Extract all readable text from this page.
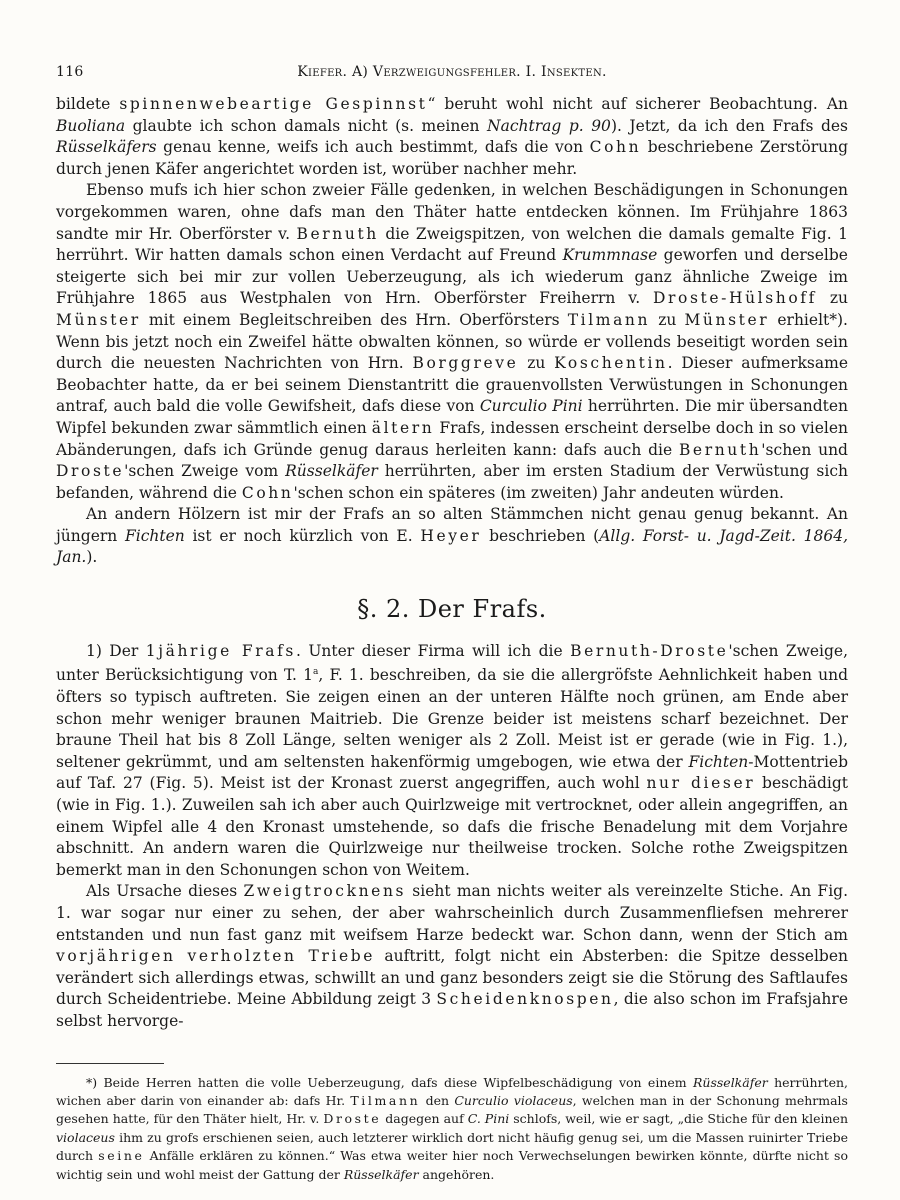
116	Kiefer. A) Verzweigungsfehler. I. Insekten.

bildete spinnenwebeartige Gespinnst“ beruht wohl nicht auf sicherer Beobachtung. An Buoliana glaubte ich schon damals nicht (s. meinen Nachtrag p. 90). Jetzt, da ich den Frafs des Rüsselkäfers genau kenne, weifs ich auch bestimmt, dafs die von Cohn beschriebene Zerstörung durch jenen Käfer angerichtet worden ist, worüber nachher mehr.

Ebenso mufs ich hier schon zweier Fälle gedenken, in welchen Beschädigungen in Schonungen vorgekommen waren, ohne dafs man den Thäter hatte entdecken können. Im Frühjahre 1863 sandte mir Hr. Oberförster v. Bernuth die Zweigspitzen, von welchen die damals gemalte Fig. 1 herrührt. Wir hatten damals schon einen Verdacht auf Freund Krummnase geworfen und derselbe steigerte sich bei mir zur vollen Ueberzeugung, als ich wiederum ganz ähnliche Zweige im Frühjahre 1865 aus Westphalen von Hrn. Oberförster Freiherrn v. Droste-Hülshoff zu Münster mit einem Begleitschreiben des Hrn. Oberförsters Tilmann zu Münster erhielt*). Wenn bis jetzt noch ein Zweifel hätte obwalten können, so würde er vollends beseitigt worden sein durch die neuesten Nachrichten von Hrn. Borggreve zu Koschentin. Dieser aufmerksame Beobachter hatte, da er bei seinem Dienstantritt die grauenvollsten Verwüstungen in Schonungen antraf, auch bald die volle Gewifsheit, dafs diese von Curculio Pini herrührten. Die mir übersandten Wipfel bekunden zwar sämmtlich einen ältern Frafs, indessen erscheint derselbe doch in so vielen Abänderungen, dafs ich Gründe genug daraus herleiten kann: dafs auch die Bernuth'schen und Droste'schen Zweige vom Rüsselkäfer herrührten, aber im ersten Stadium der Verwüstung sich befanden, während die Cohn'schen schon ein späteres (im zweiten) Jahr andeuten würden.

An andern Hölzern ist mir der Frafs an so alten Stämmchen nicht genau genug bekannt. An jüngern Fichten ist er noch kürzlich von E. Heyer beschrieben (Allg. Forst- u. Jagd-Zeit. 1864, Jan.).

§. 2. Der Frafs.

1) Der 1jährige Frafs. Unter dieser Firma will ich die Bernuth-Droste'schen Zweige, unter Berücksichtigung von T. 1$^a$, F. 1. beschreiben, da sie die allergröfste Aehnlichkeit haben und öfters so typisch auftreten. Sie zeigen einen an der unteren Hälfte noch grünen, am Ende aber schon mehr weniger braunen Maitrieb. Die Grenze beider ist meistens scharf bezeichnet. Der braune Theil hat bis 8 Zoll Länge, selten weniger als 2 Zoll. Meist ist er gerade (wie in Fig. 1.), seltener gekrümmt, und am seltensten hakenförmig umgebogen, wie etwa der Fichten-Mottentrieb auf Taf. 27 (Fig. 5). Meist ist der Kronast zuerst angegriffen, auch wohl nur dieser beschädigt (wie in Fig. 1.). Zuweilen sah ich aber auch Quirlzweige mit vertrocknet, oder allein angegriffen, an einem Wipfel alle 4 den Kronast umstehende, so dafs die frische Benadelung mit dem Vorjahre abschnitt. An andern waren die Quirlzweige nur theilweise trocken. Solche rothe Zweigspitzen bemerkt man in den Schonungen schon von Weitem.

Als Ursache dieses Zweigtrocknens sieht man nichts weiter als vereinzelte Stiche. An Fig. 1. war sogar nur einer zu sehen, der aber wahrscheinlich durch Zusammenfliefsen mehrerer entstanden und nun fast ganz mit weifsem Harze bedeckt war. Schon dann, wenn der Stich am vorjährigen verholzten Triebe auftritt, folgt nicht ein Absterben: die Spitze desselben verändert sich allerdings etwas, schwillt an und ganz besonders zeigt sie die Störung des Saftlaufes durch Scheidentriebe. Meine Abbildung zeigt 3 Scheidenknospen, die also schon im Frafsjahre selbst hervorge-

*) Beide Herren hatten die volle Ueberzeugung, dafs diese Wipfelbeschädigung von einem Rüsselkäfer herrührten, wichen aber darin von einander ab: dafs Hr. Tilmann den Curculio violaceus, welchen man in der Schonung mehrmals gesehen hatte, für den Thäter hielt, Hr. v. Droste dagegen auf C. Pini schlofs, weil, wie er sagt, „die Stiche für den kleinen violaceus ihm zu grofs erschienen seien, auch letzterer wirklich dort nicht häufig genug sei, um die Massen ruinirter Triebe durch seine Anfälle erklären zu können.“ Was etwa weiter hier noch Verwechselungen bewirken könnte, dürfte nicht so wichtig sein und wohl meist der Gattung der Rüsselkäfer angehören.
